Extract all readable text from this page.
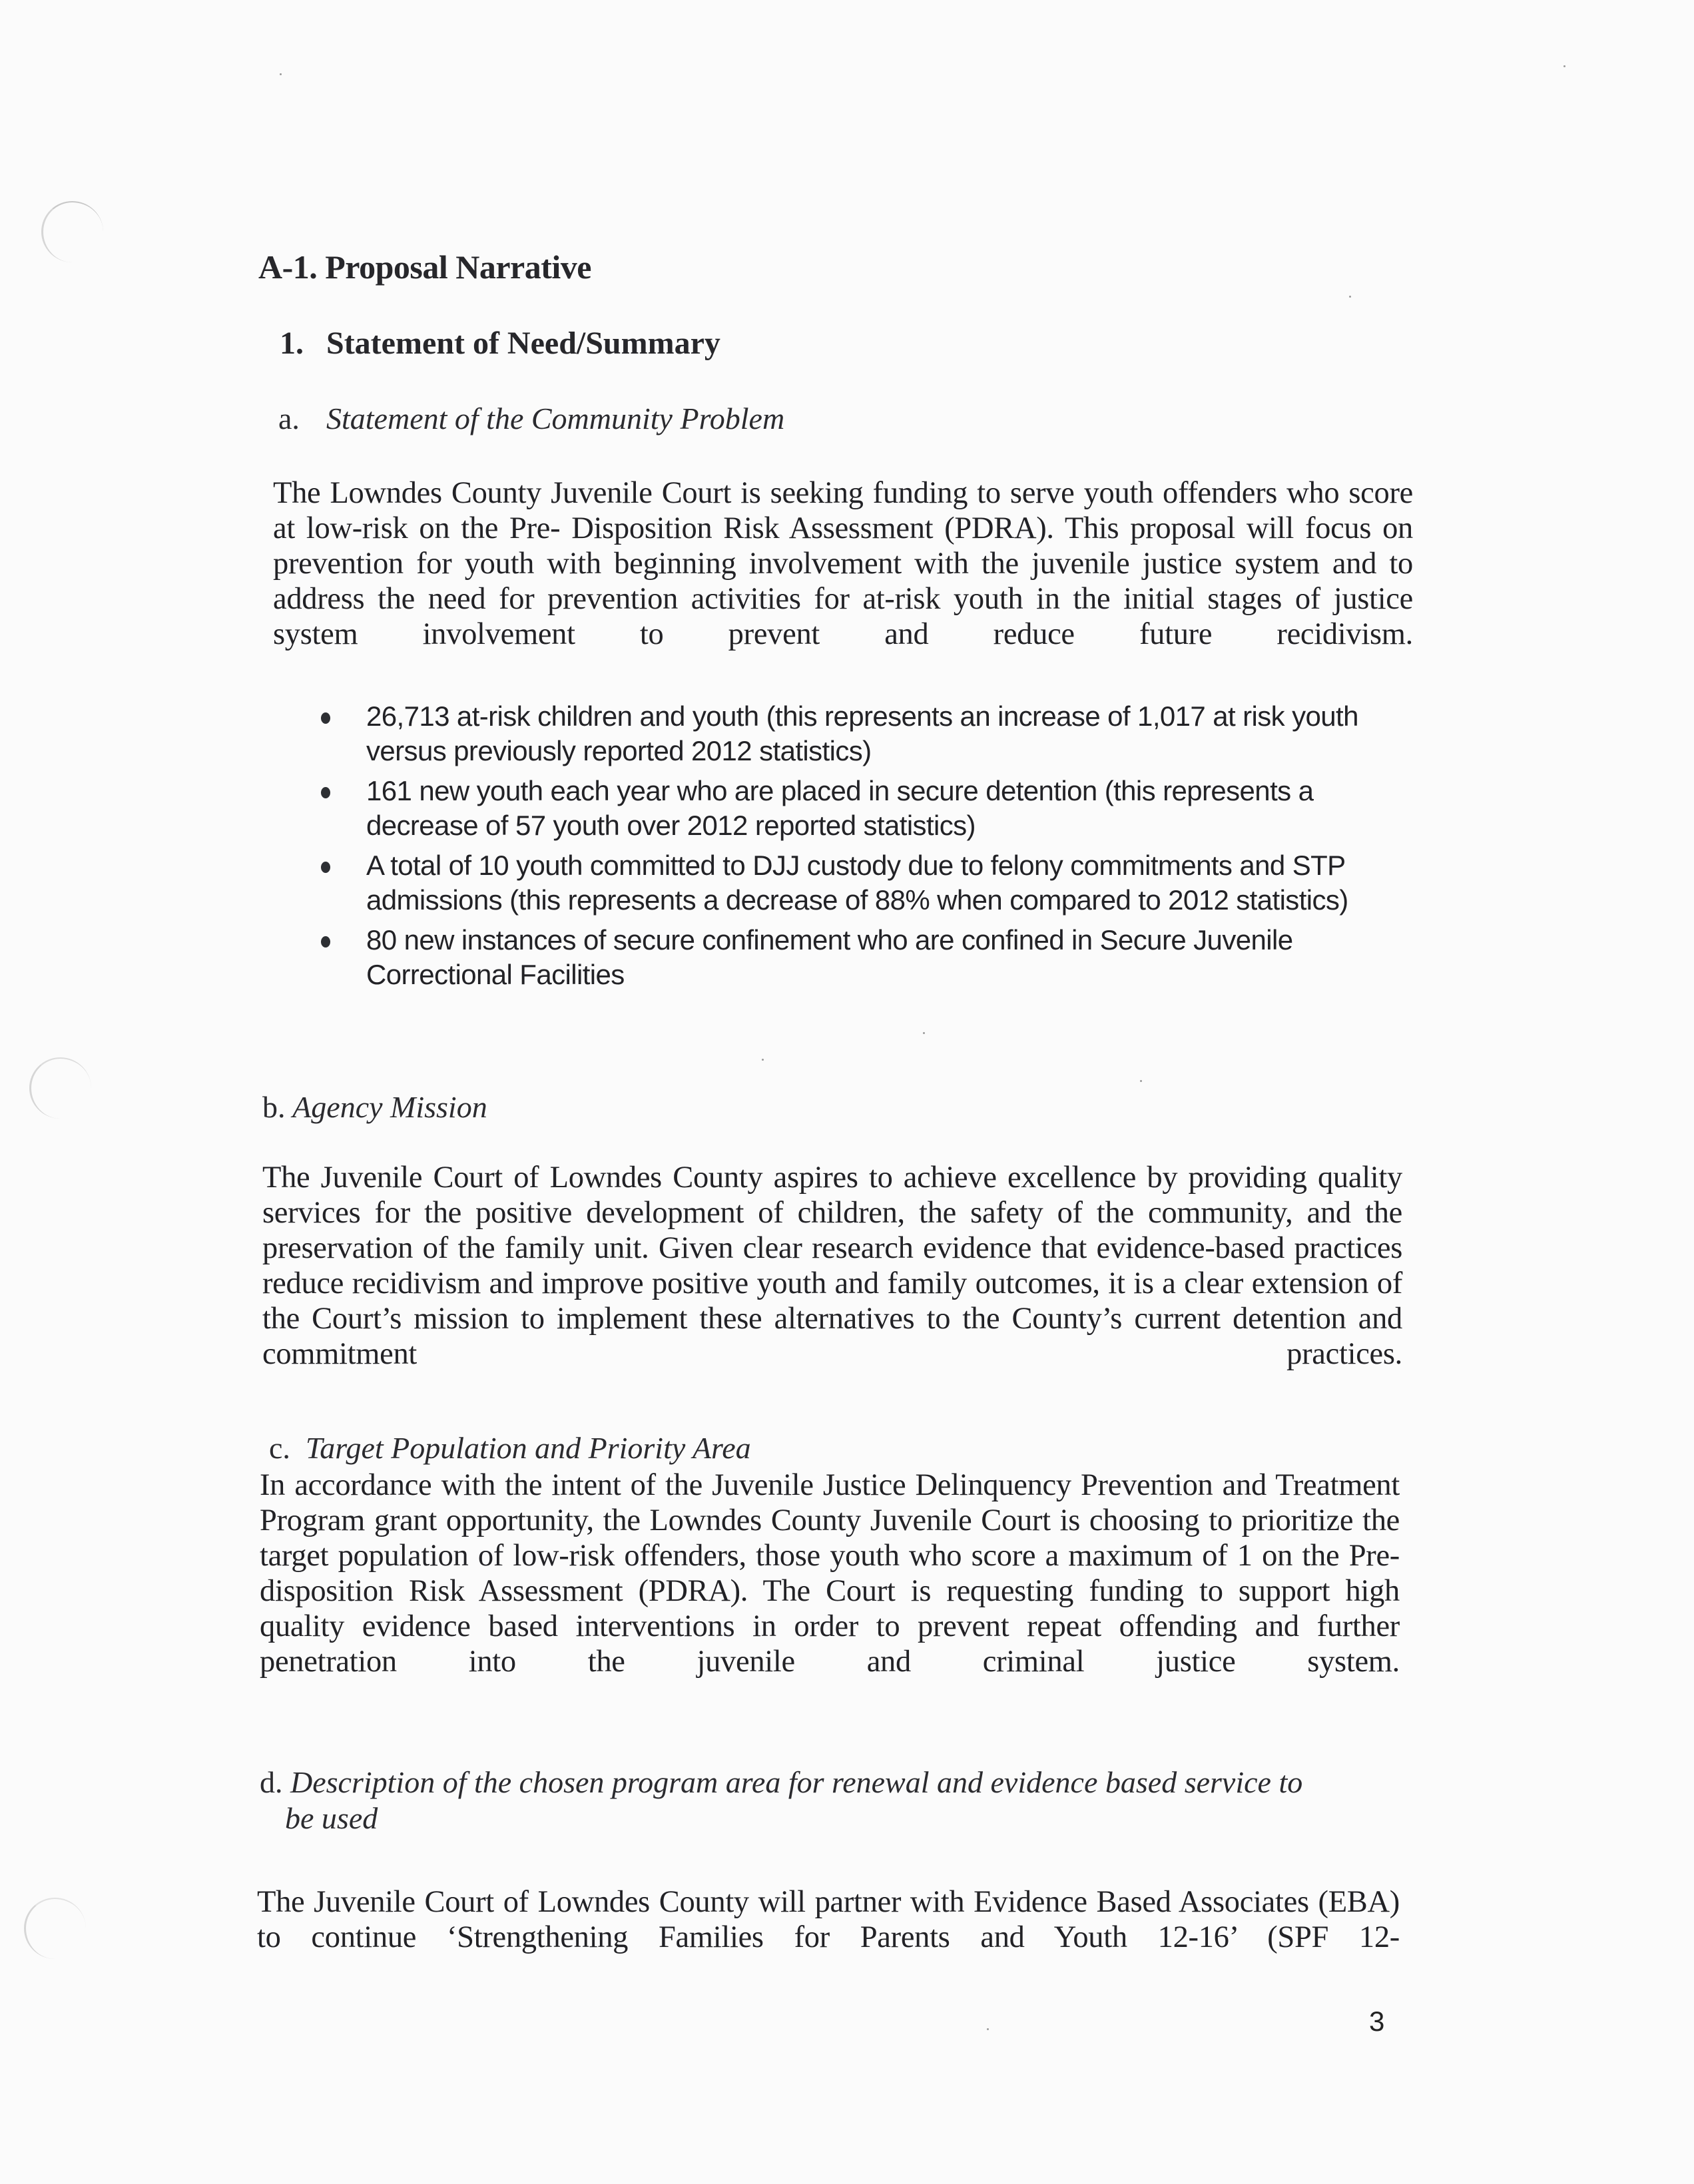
A-1. Proposal Narrative
1. Statement of Need/Summary
a. Statement of the Community Problem

The Lowndes County Juvenile Court is seeking funding to serve youth offenders who score at low-risk on the Pre- Disposition Risk Assessment (PDRA). This proposal will focus on prevention for youth with beginning involvement with the juvenile justice system and to address the need for prevention activities for at-risk youth in the initial stages of justice system involvement to prevent and reduce future recidivism.

26,713 at-risk children and youth (this represents an increase of 1,017 at risk youth versus previously reported 2012 statistics)
161 new youth each year who are placed in secure detention (this represents a decrease of 57 youth over 2012 reported statistics)
A total of 10 youth committed to DJJ custody due to felony commitments and STP admissions (this represents a decrease of 88% when compared to 2012 statistics)
80 new instances of secure confinement who are confined in Secure Juvenile Correctional Facilities
b. Agency Mission

The Juvenile Court of Lowndes County aspires to achieve excellence by providing quality services for the positive development of children, the safety of the community, and the preservation of the family unit. Given clear research evidence that evidence-based practices reduce recidivism and improve positive youth and family outcomes, it is a clear extension of the Court’s mission to implement these alternatives to the County’s current detention and commitment practices.

c. Target Population and Priority Area

In accordance with the intent of the Juvenile Justice Delinquency Prevention and Treatment Program grant opportunity, the Lowndes County Juvenile Court is choosing to prioritize the target population of low-risk offenders, those youth who score a maximum of 1 on the Pre-disposition Risk Assessment (PDRA). The Court is requesting funding to support high quality evidence based interventions in order to prevent repeat offending and further penetration into the juvenile and criminal justice system.

d. Description of the chosen program area for renewal and evidence based service to
be used

The Juvenile Court of Lowndes County will partner with Evidence Based Associates (EBA) to continue ‘Strengthening Families for Parents and Youth 12-16’ (SPF 12-

3
